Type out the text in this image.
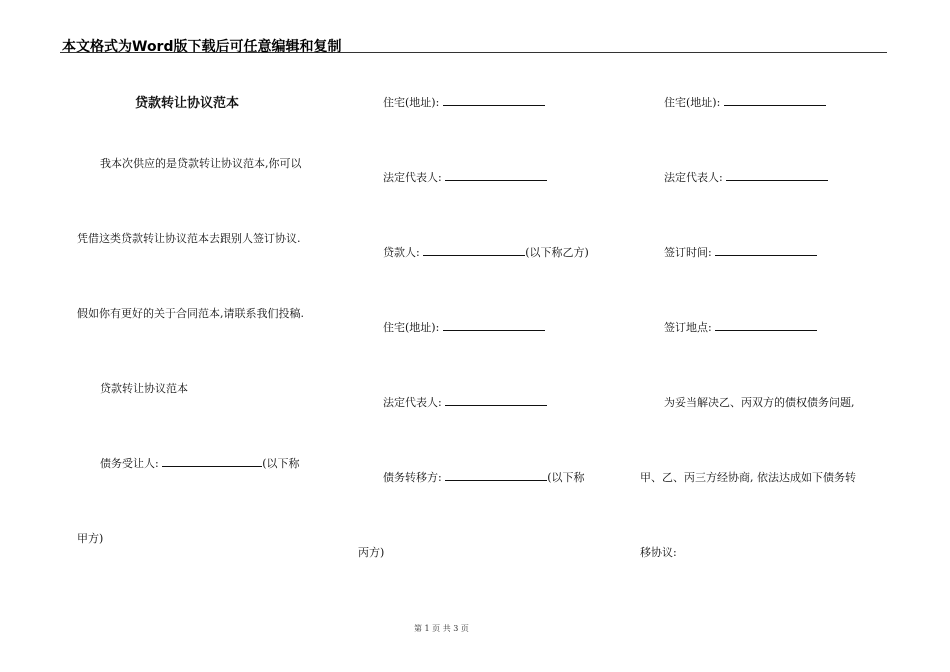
本文格式为Word版下载后可任意编辑和复制
贷款转让协议范本
我本次供应的是贷款转让协议范本,你可以
凭借这类贷款转让协议范本去跟别人签订协议.
假如你有更好的关于合同范本,请联系我们投稿.
贷款转让协议范本
债务受让人:	(以下称
甲方)
住宅(地址):
法定代表人:
贷款人:	(以下称乙方)
住宅(地址):
法定代表人:
债务转移方:	(以下称
丙方)
住宅(地址):
法定代表人:
签订时间:
签订地点:
为妥当解决乙、丙双方的债权债务问题,
甲、乙、丙三方经协商, 依法达成如下债务转
移协议:
第 1 页 共 3 页
